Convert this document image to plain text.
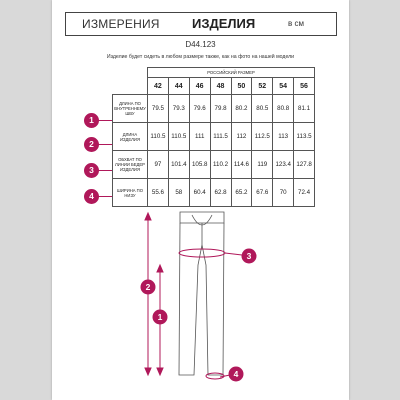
ИЗМЕРЕНИЯ ИЗДЕЛИЯ	в см
D44.123
Изделие будет сидеть в любом размере также, как на фото на нашей модели
1
2
3
4
	РОССИЙСКИЙ РАЗМЕР							
	42	44	46	48	50	52	54	56

ДЛИНА ПО
ВНУТРЕННЕМУ
ШВУ	79.5	79.3	79.6	79.8	80.2	80.5	80.8	81.1

ДЛИНА
ИЗДЕЛИЯ	110.5	110.5	111	111.5	112	112.5	113	113.5

ОБХВАТ ПО
ЛИНИИ БЕДЕР
ИЗДЕЛИЯ	97	101.4	105.8	110.2	114.6	119	123.4	127.8

ШИРИНА ПО
НИЗУ	55.6	58	60.4	62.8	65.2	67.6	70	72.4
1
2
3
4
